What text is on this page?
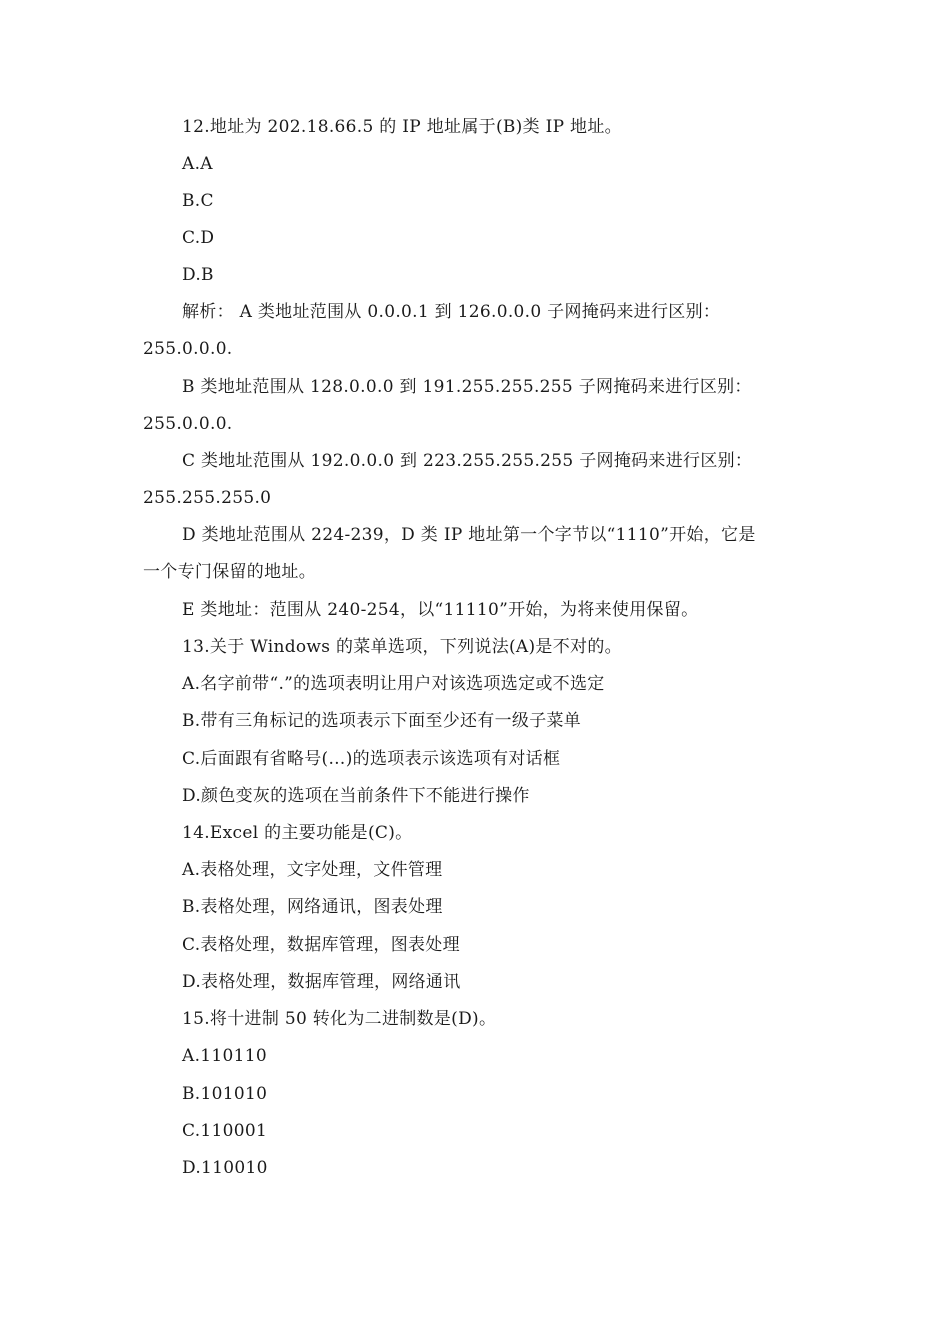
12.地址为 202.18.66.5 的 IP 地址属于(B)类 IP 地址。
A.A
B.C
C.D
D.B
解析： A 类地址范围从 0.0.0.1 到 126.0.0.0 子网掩码来进行区别：
255.0.0.0.
B 类地址范围从 128.0.0.0 到 191.255.255.255 子网掩码来进行区别：
255.0.0.0.
C 类地址范围从 192.0.0.0 到 223.255.255.255 子网掩码来进行区别：
255.255.255.0
D 类地址范围从 224-239，D 类 IP 地址第一个字节以“1110”开始，它是
一个专门保留的地址。
E 类地址：范围从 240-254，以“11110”开始，为将来使用保留。
13.关于 Windows 的菜单选项，下列说法(A)是不对的。
A.名字前带“.”的选项表明让用户对该选项选定或不选定
B.带有三角标记的选项表示下面至少还有一级子菜单
C.后面跟有省略号(…)的选项表示该选项有对话框
D.颜色变灰的选项在当前条件下不能进行操作
14.Excel 的主要功能是(C)。
A.表格处理，文字处理，文件管理
B.表格处理，网络通讯，图表处理
C.表格处理，数据库管理，图表处理
D.表格处理，数据库管理，网络通讯
15.将十进制 50 转化为二进制数是(D)。
A.110110
B.101010
C.110001
D.110010
